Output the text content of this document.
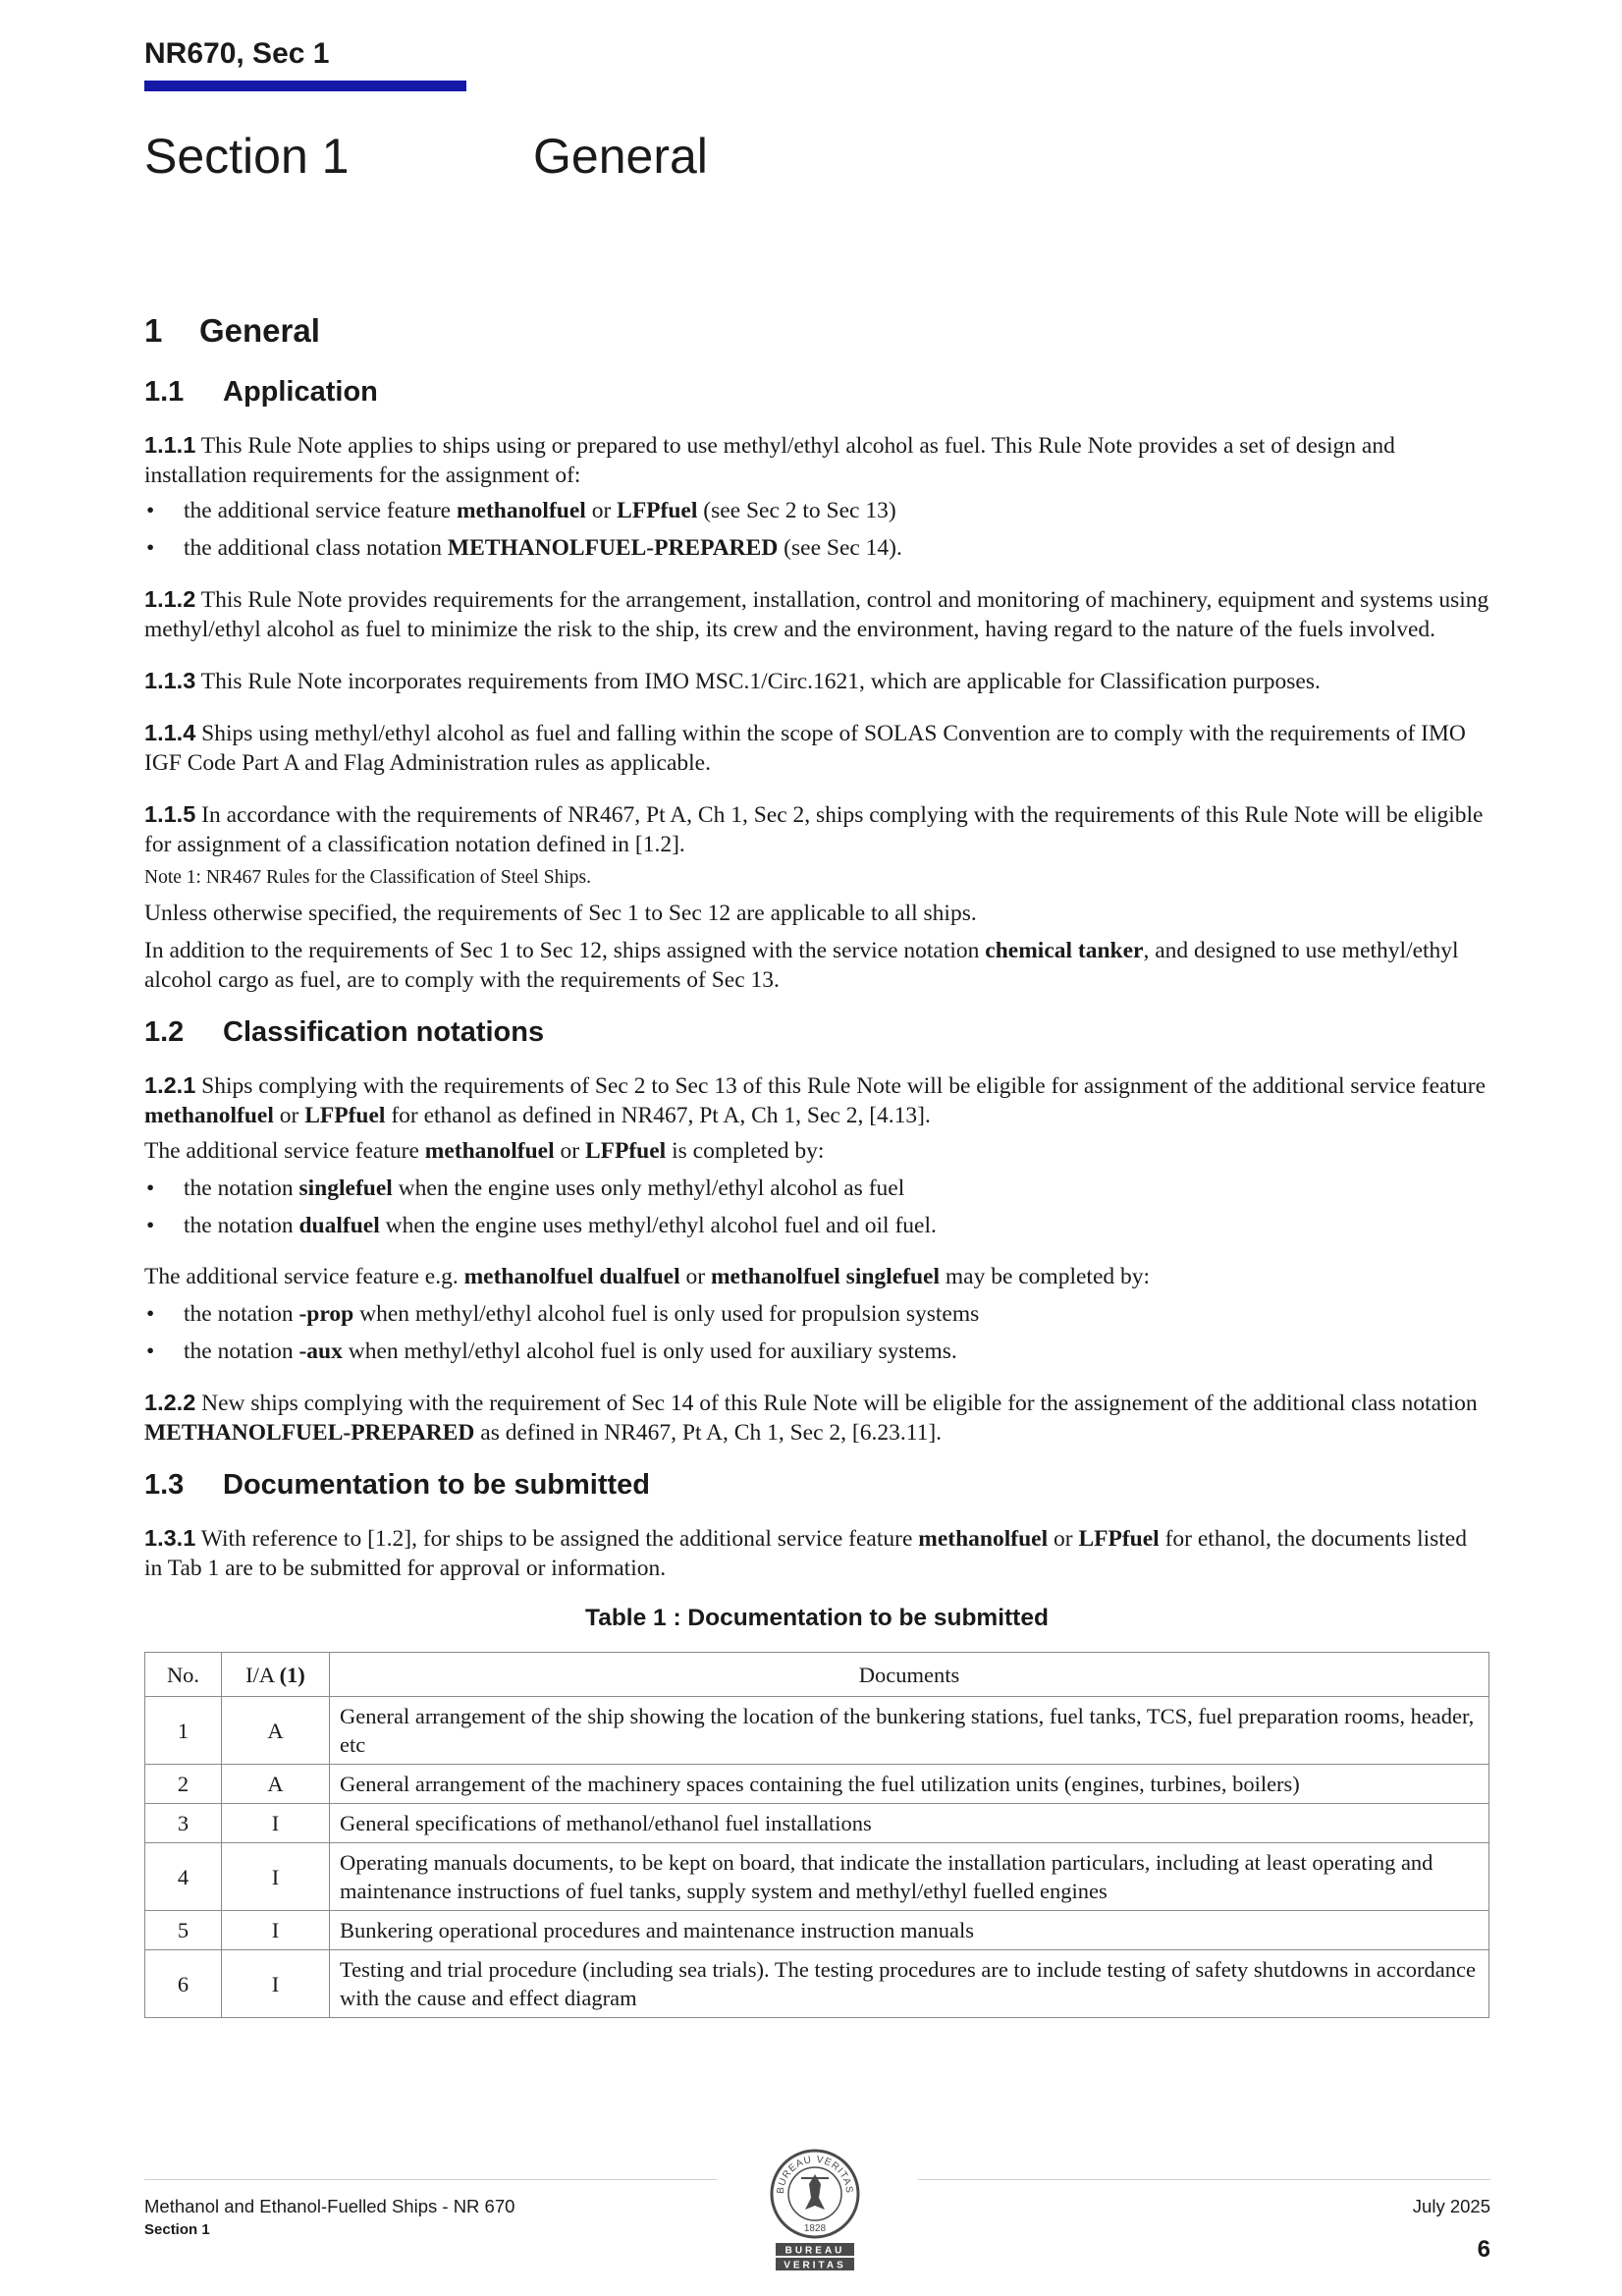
NR670, Sec 1
Section 1	General
1 General
1.1 Application

1.1.1 This Rule Note applies to ships using or prepared to use methyl/ethyl alcohol as fuel. This Rule Note provides a set of design and installation requirements for the assignment of:

• the additional service feature methanolfuel or LFPfuel (see Sec 2 to Sec 13)
• the additional class notation METHANOLFUEL-PREPARED (see Sec 14).

1.1.2 This Rule Note provides requirements for the arrangement, installation, control and monitoring of machinery, equipment and systems using methyl/ethyl alcohol as fuel to minimize the risk to the ship, its crew and the environment, having regard to the nature of the fuels involved.

1.1.3 This Rule Note incorporates requirements from IMO MSC.1/Circ.1621, which are applicable for Classification purposes.

1.1.4 Ships using methyl/ethyl alcohol as fuel and falling within the scope of SOLAS Convention are to comply with the requirements of IMO IGF Code Part A and Flag Administration rules as applicable.

1.1.5 In accordance with the requirements of NR467, Pt A, Ch 1, Sec 2, ships complying with the requirements of this Rule Note will be eligible for assignment of a classification notation defined in [1.2].

Note 1: NR467 Rules for the Classification of Steel Ships.

Unless otherwise specified, the requirements of Sec 1 to Sec 12 are applicable to all ships.

In addition to the requirements of Sec 1 to Sec 12, ships assigned with the service notation chemical tanker, and designed to use methyl/ethyl alcohol cargo as fuel, are to comply with the requirements of Sec 13.

1.2 Classification notations

1.2.1 Ships complying with the requirements of Sec 2 to Sec 13 of this Rule Note will be eligible for assignment of the additional service feature methanolfuel or LFPfuel for ethanol as defined in NR467, Pt A, Ch 1, Sec 2, [4.13].

The additional service feature methanolfuel or LFPfuel is completed by:

• the notation singlefuel when the engine uses only methyl/ethyl alcohol as fuel
• the notation dualfuel when the engine uses methyl/ethyl alcohol fuel and oil fuel.

The additional service feature e.g. methanolfuel dualfuel or methanolfuel singlefuel may be completed by:

• the notation -prop when methyl/ethyl alcohol fuel is only used for propulsion systems
• the notation -aux when methyl/ethyl alcohol fuel is only used for auxiliary systems.

1.2.2 New ships complying with the requirement of Sec 14 of this Rule Note will be eligible for the assignement of the additional class notation METHANOLFUEL-PREPARED as defined in NR467, Pt A, Ch 1, Sec 2, [6.23.11].

1.3 Documentation to be submitted

1.3.1 With reference to [1.2], for ships to be assigned the additional service feature methanolfuel or LFPfuel for ethanol, the documents listed in Tab 1 are to be submitted for approval or information.

Table 1 : Documentation to be submitted
No.	I/A (1)	Documents
1	A	General arrangement of the ship showing the location of the bunkering stations, fuel tanks, TCS, fuel preparation rooms, header, etc
2	A	General arrangement of the machinery spaces containing the fuel utilization units (engines, turbines, boilers)
3	I	General specifications of methanol/ethanol fuel installations
4	I	Operating manuals documents, to be kept on board, that indicate the installation particulars, including at least operating and maintenance instructions of fuel tanks, supply system and methyl/ethyl fuelled engines
5	I	Bunkering operational procedures and maintenance instruction manuals
6	I	Testing and trial procedure (including sea trials). The testing procedures are to include testing of safety shutdowns in accordance with the cause and effect diagram
BUREAU VERITAS
1828
BUREAU
VERITAS
Methanol and Ethanol-Fuelled Ships - NR 670
Section 1
July 2025
6
